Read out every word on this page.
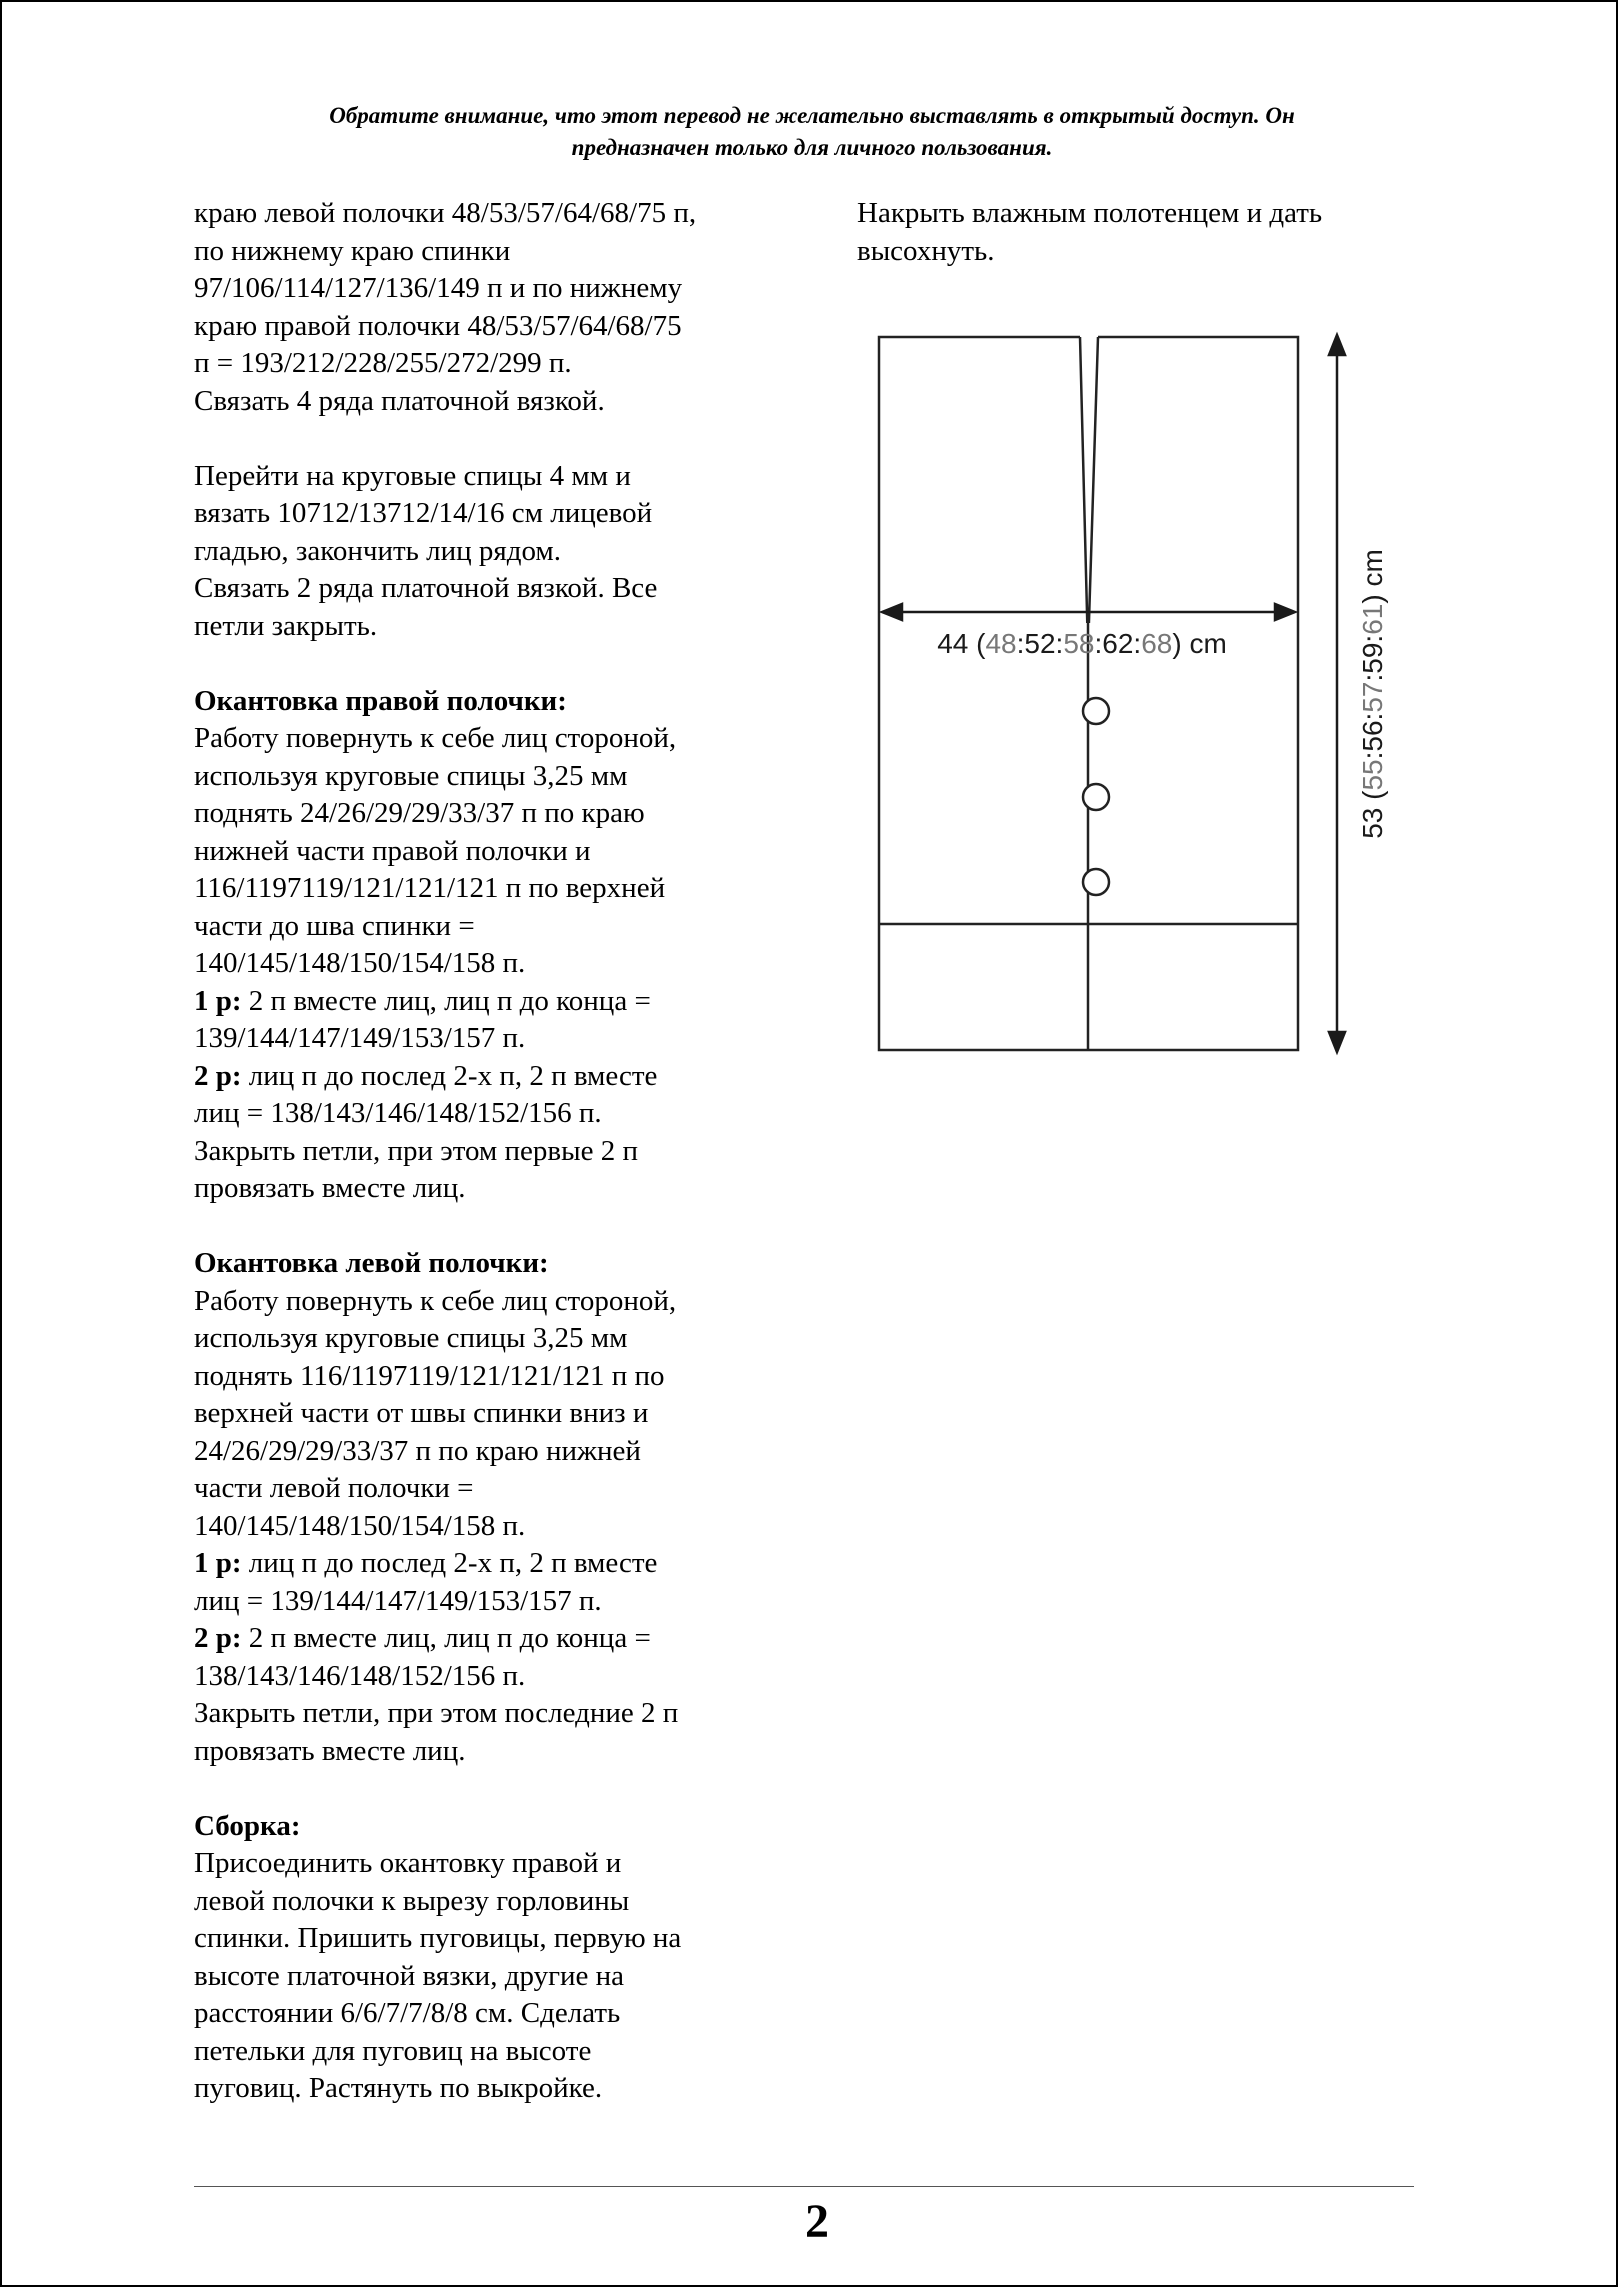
Обратите внимание, что этот перевод не желательно выставлять в открытый доступ. Он
предназначен только для личного пользования.
краю левой полочки 48/53/57/64/68/75 п,
по нижнему краю спинки
97/106/114/127/136/149 п и по нижнему
краю правой полочки 48/53/57/64/68/75
п = 193/212/228/255/272/299 п.
Связать 4 ряда платочной вязкой.
Перейти на круговые спицы 4 мм и
вязать 10712/13712/14/16 см лицевой
гладью, закончить лиц рядом.
Связать 2 ряда платочной вязкой. Все
петли закрыть.
Окантовка правой полочки:
Работу повернуть к себе лиц стороной,
используя круговые спицы 3,25 мм
поднять 24/26/29/29/33/37 п по краю
нижней части правой полочки и
116/1197119/121/121/121 п по верхней
части до шва спинки =
140/145/148/150/154/158 п.
1 р: 2 п вместе лиц, лиц п до конца =
139/144/147/149/153/157 п.
2 р: лиц п до послед 2-х п, 2 п вместе
лиц = 138/143/146/148/152/156 п.
Закрыть петли, при этом первые 2 п
провязать вместе лиц.
Окантовка левой полочки:
Работу повернуть к себе лиц стороной,
используя круговые спицы 3,25 мм
поднять 116/1197119/121/121/121 п по
верхней части от швы спинки вниз и
24/26/29/29/33/37 п по краю нижней
части левой полочки =
140/145/148/150/154/158 п.
1 р: лиц п до послед 2-х п, 2 п вместе
лиц = 139/144/147/149/153/157 п.
2 р: 2 п вместе лиц, лиц п до конца =
138/143/146/148/152/156 п.
Закрыть петли, при этом последние 2 п
провязать вместе лиц.
Сборка:
Присоединить окантовку правой и
левой полочки к вырезу горловины
спинки. Пришить пуговицы, первую на
высоте платочной вязки, другие на
расстоянии 6/6/7/7/8/8 см. Сделать
петельки для пуговиц на высоте
пуговиц. Растянуть по выкройке.
Накрыть влажным полотенцем и дать
высохнуть.
44 (48:52:58:62:68) cm
53 (55:56:57:59:61) cm
2
